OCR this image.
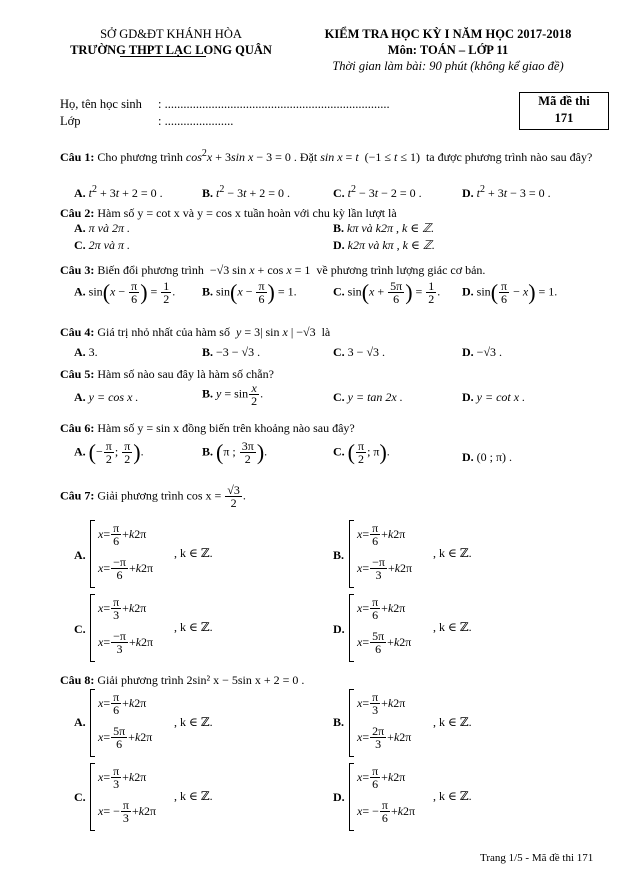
SỞ GD&ĐT KHÁNH HÒA
TRƯỜNG THPT LẠC LONG QUÂN
KIỂM TRA HỌC KỲ I NĂM HỌC 2017-2018
Môn: TOÁN – LỚP 11
Thời gian làm bài: 90 phút (không kể giao đề)
Họ, tên học sinh : ........................................................................
Lớp	: ......................
Mã đề thi
171
Câu 1: Cho phương trình $\cos^2x + 3\sin$ x − 3 = 0 . Đặt sin x = t  (−1 ≤ t ≤ 1)  ta được phương trình nào sau đây?
A. $t^2 + 3t + 2 = 0$ .	B. $t^2 - 3t + 2 = 0$ .	C. $t^2 - 3t - 2 = 0$ .	D. $t^2 + 3t - 3 = 0$ .
Câu 2: Hàm số y = cot x và y = cos x tuần hoàn với chu kỳ lần lượt là
A. π và 2π .	B. kπ và k2π , k ∈ ℤ.
C. 2π và π .	D. k2π và kπ , k ∈ ℤ.
Câu 3: Biến đổi phương trình  −√3 sin x + cos x = 1  về phương trình lượng giác cơ bản.
A. $\sin(x - \frac{\pi}{6}$ ) = $\frac{1}{2}$ . B. $\sin(x - \frac{\pi}{6}$ ) = 1.	C. $\sin(x + \frac{5\pi}{6}$ ) = $\frac{1}{2}$ . D. $\sin( \frac{\pi}{6} - x) = 1$.
Câu 4: Giá trị nhỏ nhất của hàm số  y = 3| sin x | −√3  là
A. 3.	B. −3 − √3 .	C. 3 − √3 .	D. −√3 .
Câu 5: Hàm số nào sau đây là hàm số chẵn?
A. y = cos x .	B. $y = \sin \frac{x}{2}$ .	C. y = tan 2x .	D. y = cot x .
Câu 6: Hàm số y = sin x đồng biến trên khoảng nào sau đây?
A. (− $\frac{\pi}{2}$ ; $\frac{\pi}{2}$ ).	B. (π ; $\frac{3\pi}{2}$ ).	C. ( $\frac{\pi}{2}$ ; π).	D. (0 ; π) .
Câu 7: Giải phương trình $\cos x = \frac{√3}{2}$ .
A.
$x = \frac{\pi}{6} + k$ 2π
$x = \frac{-\pi}{6} + k$ 2π
, k ∈ ℤ.	B.
$x = \frac{\pi}{6} + k$ 2π
$x = \frac{-\pi}{3} + k$ 2π
, k ∈ ℤ.
C.
$x = \frac{\pi}{3} + k$ 2π
$x = \frac{-\pi}{3} + k$ 2π
, k ∈ ℤ.	D.
$x = \frac{\pi}{6} + k$ 2π
$x = \frac{5\pi}{6} + k$ 2π
, k ∈ ℤ.
Câu 8: Giải phương trình 2sin² x − 5sin x + 2 = 0 .
A.
$x = \frac{\pi}{6} + k$ 2π
$x = \frac{5\pi}{6} + k$ 2π
, k ∈ ℤ.	B.
$x = \frac{\pi}{3} + k$ 2π
$x = \frac{2\pi}{3} + k$ 2π
, k ∈ ℤ.
C.
$x = \frac{\pi}{3} + k$ 2π
x = − $\frac{\pi}{3} + k$ 2π
, k ∈ ℤ.	D.
$x = \frac{\pi}{6} + k$ 2π
x = − $\frac{\pi}{6} + k$ 2π
, k ∈ ℤ.
Trang 1/5 - Mã đề thi 171
